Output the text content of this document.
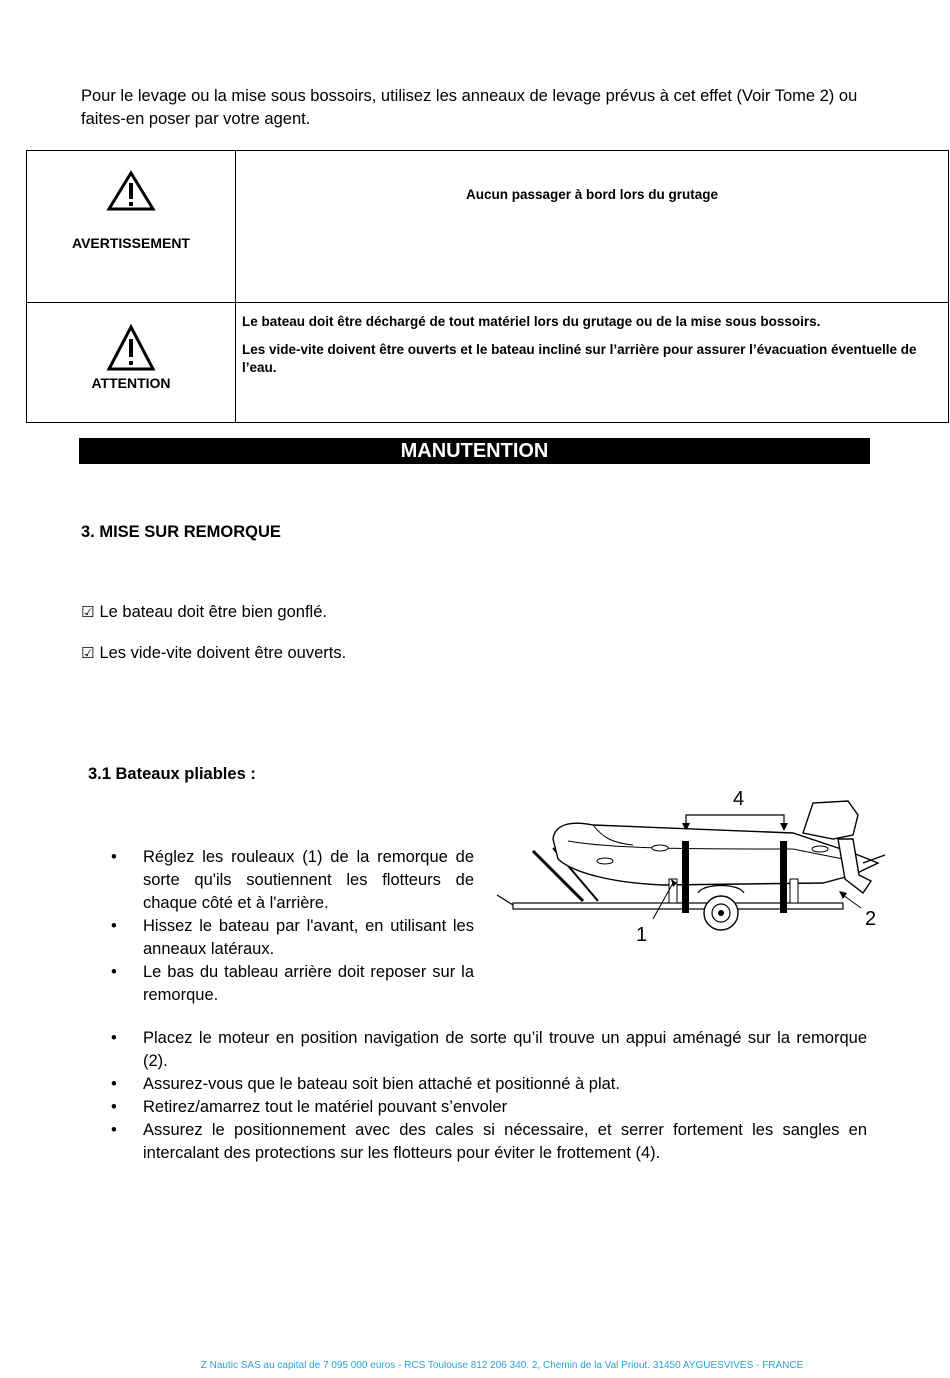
Pour le levage ou la mise sous bossoirs, utilisez les anneaux de levage prévus à cet effet (Voir Tome 2) ou faites-en poser par votre agent.
AVERTISSEMENT	Aucun passager à bord lors du grutage

ATTENTION	Le bateau doit être déchargé de tout matériel lors du grutage ou de la mise sous bossoirs.

Les vide-vite doivent être ouverts et le bateau incliné sur l’arrière pour assurer l’évacuation éventuelle de l’eau.

MANUTENTION
3. MISE SUR REMORQUE
☑ Le bateau doit être bien gonflé.
☑ Les vide-vite doivent être ouverts.
3.1 Bateaux pliables :
• Réglez les rouleaux (1) de la remorque de sorte qu'ils soutiennent les flotteurs de chaque côté et à l'arrière.
• Hissez le bateau par l'avant, en utilisant les anneaux latéraux.
• Le bas du tableau arrière doit reposer sur la remorque.
4
1
2
• Placez le moteur en position navigation de sorte qu’il trouve un appui aménagé sur la remorque (2).
• Assurez-vous que le bateau soit bien attaché et positionné à plat.
• Retirez/amarrez tout le matériel pouvant s’envoler
• Assurez le positionnement avec des cales si nécessaire, et serrer fortement les sangles en intercalant des protections sur les flotteurs pour éviter le frottement (4).
Z Nautic SAS au capital de 7 095 000 euros - RCS Toulouse 812 206 340. 2, Chemin de la Val Priout. 31450 AYGUESVIVES - FRANCE
